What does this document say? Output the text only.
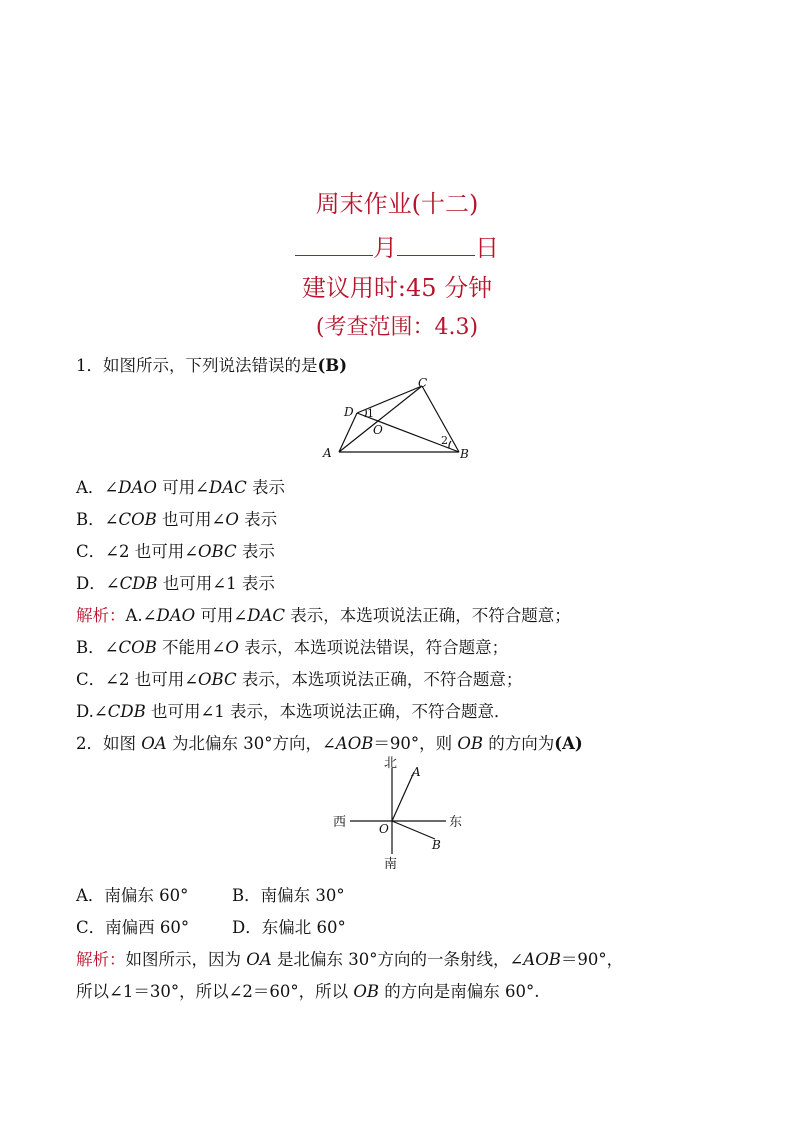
周末作业(十二)
月	日
建议用时:45 分钟
(考查范围：4.3)
1．如图所示，下列说法错误的是(B)
A	B
C
D
O
1
2
A．∠DAO 可用∠DAC 表示
B．∠COB 也可用∠O 表示
C．∠2 也可用∠OBC 表示
D．∠CDB 也可用∠1 表示
解析：A.∠DAO 可用∠DAC 表示，本选项说法正确，不符合题意；
B．∠COB 不能用∠O 表示，本选项说法错误，符合题意；
C．∠2 也可用∠OBC 表示，本选项说法正确，不符合题意；
D.∠CDB 也可用∠1 表示，本选项说法正确，不符合题意．
2．如图 OA 为北偏东 30°方向，∠AOB＝90°，则 OB 的方向为(A)
北
南
东
西	O
A
B
A．南偏东 60°	B．南偏东 30°
C．南偏西 60°	D．东偏北 60°
解析：如图所示，因为 OA 是北偏东 30°方向的一条射线，∠AOB＝90°，
所以∠1＝30°，所以∠2＝60°，所以 OB 的方向是南偏东 60°.
